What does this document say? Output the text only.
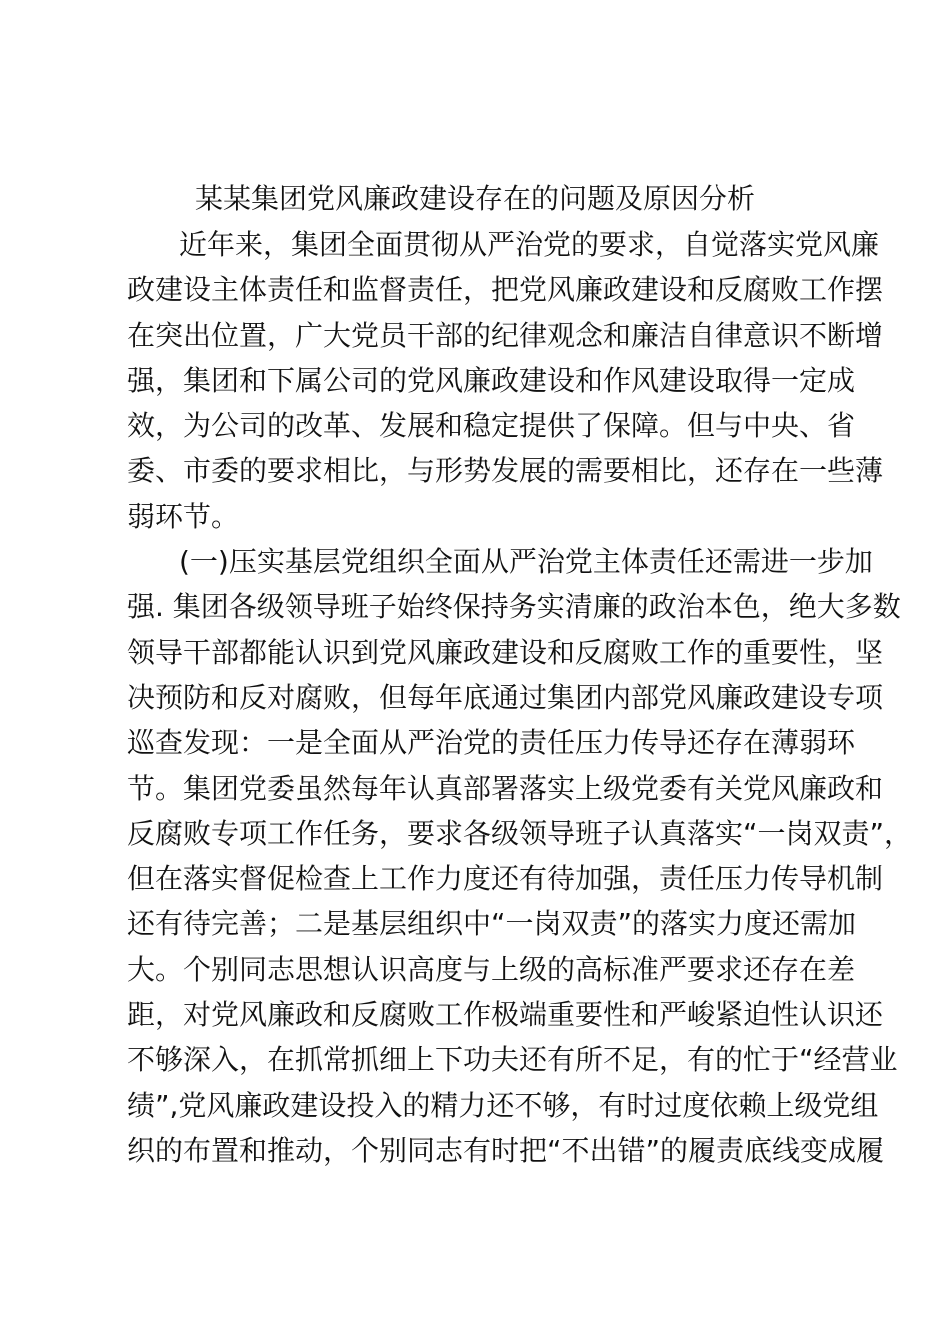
某某集团党风廉政建设存在的问题及原因分析
近年来，集团全面贯彻从严治党的要求，自觉落实党风廉
政建设主体责任和监督责任，把党风廉政建设和反腐败工作摆
在突出位置，广大党员干部的纪律观念和廉洁自律意识不断增
强，集团和下属公司的党风廉政建设和作风建设取得一定成
效，为公司的改革、发展和稳定提供了保障。但与中央、省
委、市委的要求相比，与形势发展的需要相比，还存在一些薄
弱环节。
(一)压实基层党组织全面从严治党主体责任还需进一步加
强. 集团各级领导班子始终保持务实清廉的政治本色，绝大多数
领导干部都能认识到党风廉政建设和反腐败工作的重要性，坚
决预防和反对腐败，但每年底通过集团内部党风廉政建设专项
巡查发现：一是全面从严治党的责任压力传导还存在薄弱环
节。集团党委虽然每年认真部署落实上级党委有关党风廉政和
反腐败专项工作任务，要求各级领导班子认真落实“一岗双责”，
但在落实督促检查上工作力度还有待加强，责任压力传导机制
还有待完善；二是基层组织中“一岗双责”的落实力度还需加
大。个别同志思想认识高度与上级的高标准严要求还存在差
距，对党风廉政和反腐败工作极端重要性和严峻紧迫性认识还
不够深入，在抓常抓细上下功夫还有所不足，有的忙于“经营业
绩”,党风廉政建设投入的精力还不够，有时过度依赖上级党组
织的布置和推动，个别同志有时把“不出错”的履责底线变成履
